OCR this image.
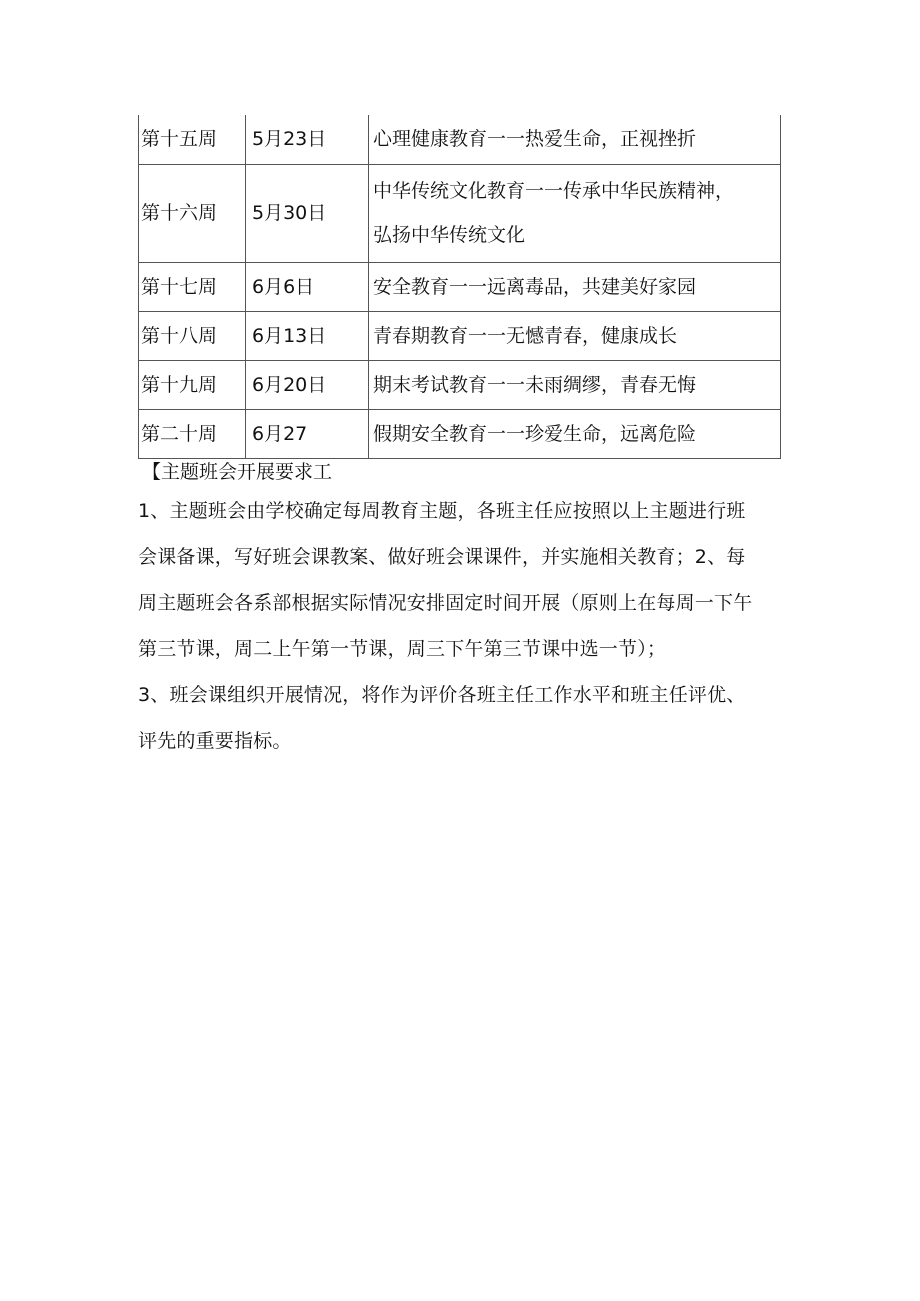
第十五周	5月23日	心理健康教育一一热爱生命，正视挫折
第十六周	5月30日	中华传统文化教育一一传承中华民族精神，
弘扬中华传统文化

第十七周	6月6日	安全教育一一远离毒品，共建美好家园
第十八周	6月13日	青春期教育一一无憾青春，健康成长
第十九周	6月20日	期末考试教育一一未雨绸缪，青春无悔
第二十周	6月27	假期安全教育一一珍爱生命，远离危险

【主题班会开展要求工

1、主题班会由学校确定每周教育主题，各班主任应按照以上主题进行班
会课备课，写好班会课教案、做好班会课课件，并实施相关教育；2、每
周主题班会各系部根据实际情况安排固定时间开展（原则上在每周一下午
第三节课，周二上午第一节课，周三下午第三节课中选一节）；
3、班会课组织开展情况，将作为评价各班主任工作水平和班主任评优、
评先的重要指标。
